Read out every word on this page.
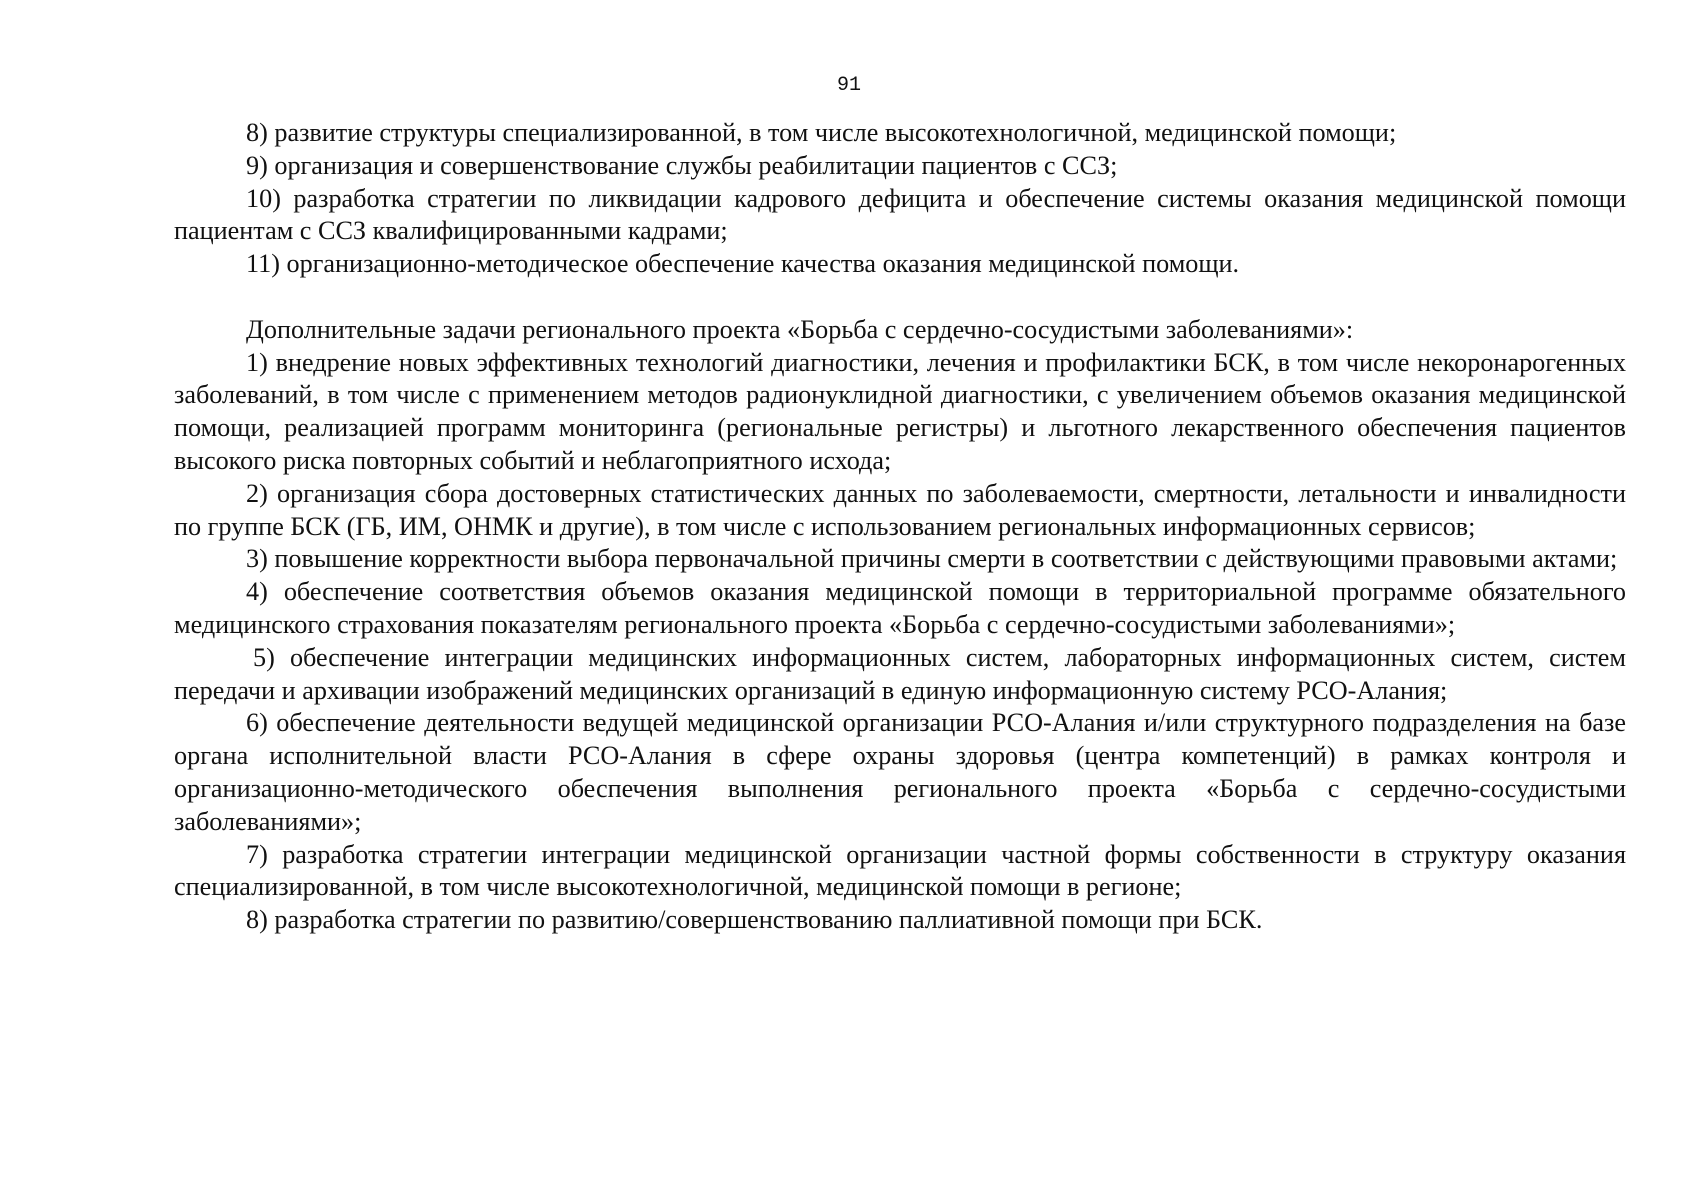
91

8) развитие структуры специализированной, в том числе высокотехнологичной, медицинской помощи;

9) организация и совершенствование службы реабилитации пациентов с ССЗ;

10) разработка стратегии по ликвидации кадрового дефицита и обеспечение системы оказания медицинской помощи пациентам с ССЗ квалифицированными кадрами;

11) организационно-методическое обеспечение качества оказания медицинской помощи.

Дополнительные задачи регионального проекта «Борьба с сердечно-сосудистыми заболеваниями»:

1) внедрение новых эффективных технологий диагностики, лечения и профилактики БСК, в том числе некоронарогенных заболеваний, в том числе с применением методов радионуклидной диагностики, с увеличением объемов оказания медицинской помощи, реализацией программ мониторинга (региональные регистры) и льготного лекарственного обеспечения пациентов высокого риска повторных событий и неблагоприятного исхода;

2) организация сбора достоверных статистических данных по заболеваемости, смертности, летальности и инвалидности по группе БСК (ГБ, ИМ, ОНМК и другие), в том числе с использованием региональных информационных сервисов;

3) повышение корректности выбора первоначальной причины смерти в соответствии с действующими правовыми актами;

4) обеспечение соответствия объемов оказания медицинской помощи в территориальной программе обязательного медицинского страхования показателям регионального проекта «Борьба с сердечно-сосудистыми заболеваниями»;

5) обеспечение интеграции медицинских информационных систем, лабораторных информационных систем, систем передачи и архивации изображений медицинских организаций в единую информационную систему РСО-Алания;

6) обеспечение деятельности ведущей медицинской организации РСО-Алания и/или структурного подразделения на базе органа исполнительной власти РСО-Алания в сфере охраны здоровья (центра компетенций) в рамках контроля и организационно-методического обеспечения выполнения регионального проекта «Борьба с сердечно-сосудистыми заболеваниями»;

7) разработка стратегии интеграции медицинской организации частной формы собственности в структуру оказания специализированной, в том числе высокотехнологичной, медицинской помощи в регионе;

8) разработка стратегии по развитию/совершенствованию паллиативной помощи при БСК.
